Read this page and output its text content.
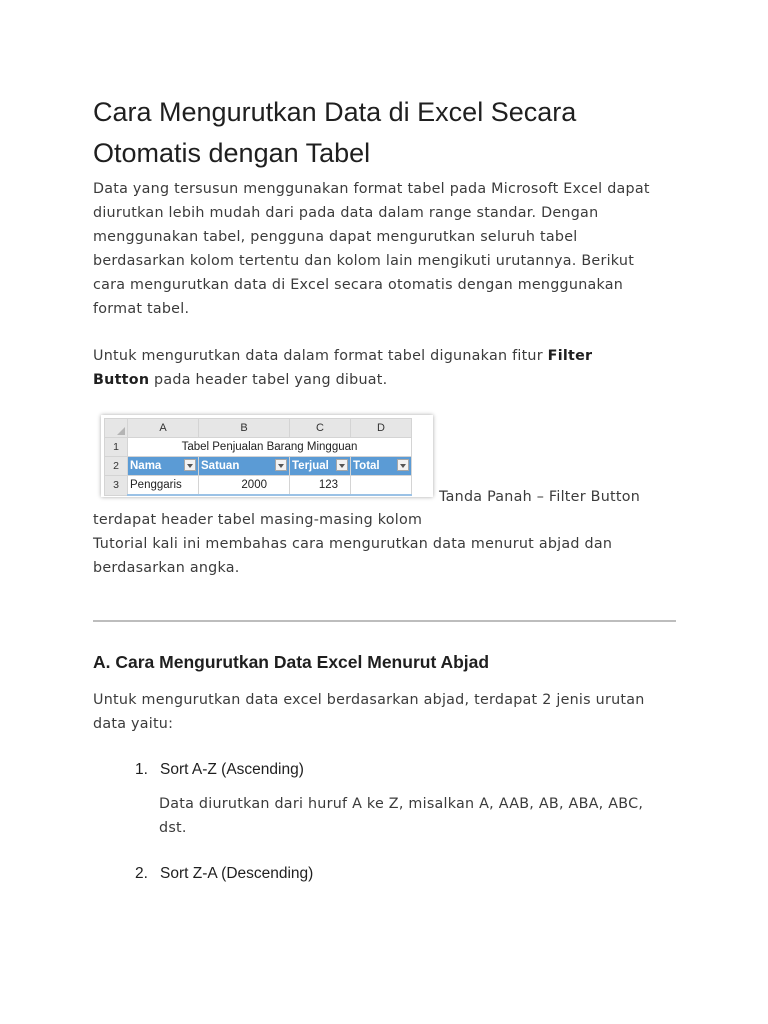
Cara Mengurutkan Data di Excel Secara
Otomatis dengan Tabel
Data yang tersusun menggunakan format tabel pada Microsoft Excel dapat
diurutkan lebih mudah dari pada data dalam range standar. Dengan
menggunakan tabel, pengguna dapat mengurutkan seluruh tabel
berdasarkan kolom tertentu dan kolom lain mengikuti urutannya. Berikut
cara mengurutkan data di Excel secara otomatis dengan menggunakan
format tabel.
Untuk mengurutkan data dalam format tabel digunakan fitur Filter
Button pada header tabel yang dibuat.
	A	B	C	D
1	Tabel Penjualan Barang Mingguan			
2	Nama	Satuan	Terjual	Total

3	Penggaris	2000	123	
Tanda Panah – Filter Button
terdapat header tabel masing-masing kolom
Tutorial kali ini membahas cara mengurutkan data menurut abjad dan
berdasarkan angka.
A. Cara Mengurutkan Data Excel Menurut Abjad
Untuk mengurutkan data excel berdasarkan abjad, terdapat 2 jenis urutan
data yaitu:
1. Sort A-Z (Ascending)
Data diurutkan dari huruf A ke Z, misalkan A, AAB, AB, ABA, ABC,
dst.
2. Sort Z-A (Descending)
